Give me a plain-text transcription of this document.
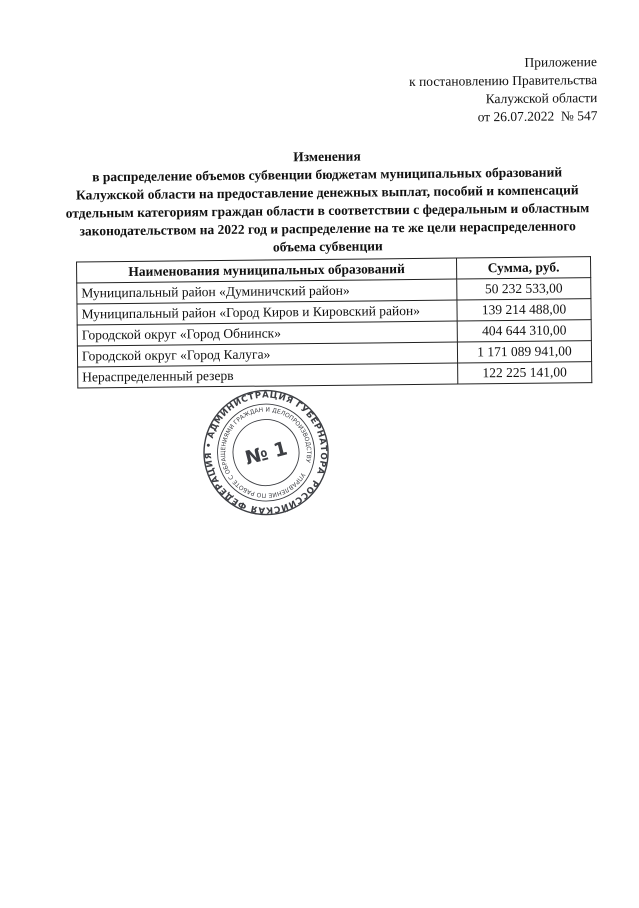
Приложение
к постановлению Правительства
Калужской области
от 26.07.2022  № 547
Изменения
в распределение объемов субвенции бюджетам муниципальных образований
Калужской области на предоставление денежных выплат, пособий и компенсаций
отдельным категориям граждан области в соответствии с федеральным и областным
законодательством на 2022 год и распределение на те же цели нераспределенного
объема субвенции
Наименования муниципальных образований	Сумма, руб.
Муниципальный район «Думиничский район»	50 232 533,00
Муниципальный район «Город Киров и Кировский район»	139 214 488,00
Городской округ «Город Обнинск»	404 644 310,00
Городской округ «Город Калуга»	1 171 089 941,00
Нераспределенный резерв	122 225 141,00
РОССИЙСКАЯ ФЕДЕРАЦИЯ • АДМИНИСТРАЦИЯ ГУБЕРНАТОРА
УПРАВЛЕНИЕ ПО РАБОТЕ С ОБРАЩЕНИЯМИ ГРАЖДАН И ДЕЛОПРОИЗВОДСТВУ
№ 1
